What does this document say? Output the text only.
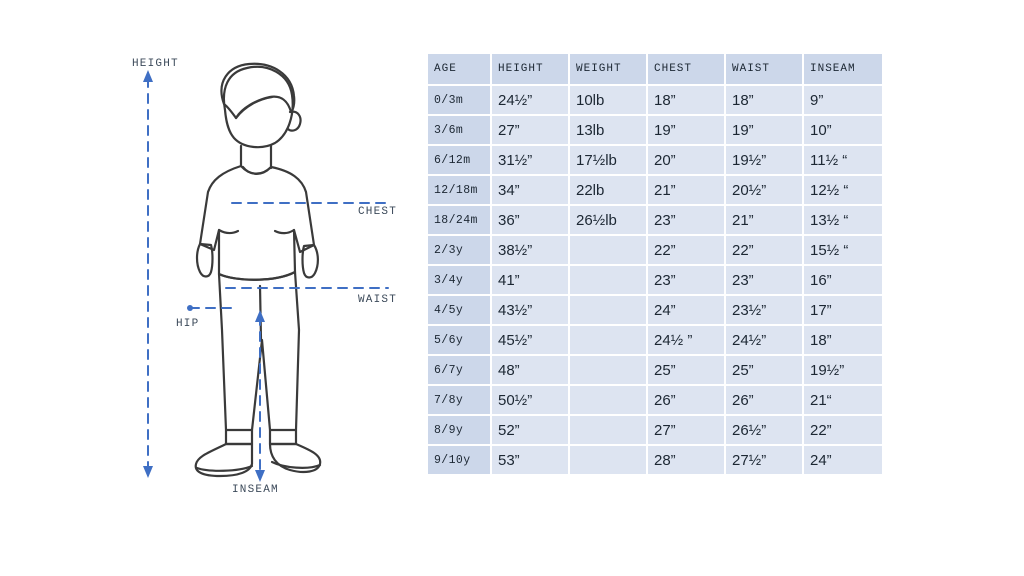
HEIGHT
CHEST
WAIST
HIP
INSEAM
AGE	HEIGHT	WEIGHT	CHEST	WAIST	INSEAM
0/3m	24½”	10lb	18”	18”	9”
3/6m	27”	13lb	19”	19”	10”
6/12m	31½”	17½lb	20”	19½”	11½ “
12/18m	34”	22lb	21”	20½”	12½ “
18/24m	36”	26½lb	23”	21”	13½ “
2/3y	38½”		22”	22”	15½ “
3/4y	41”		23”	23”	16”
4/5y	43½”		24”	23½”	17”
5/6y	45½”		24½ ”	24½”	18”
6/7y	48”		25”	25”	19½”
7/8y	50½”		26”	26”	21“
8/9y	52”		27”	26½”	22”
9/10y	53”		28”	27½”	24”
